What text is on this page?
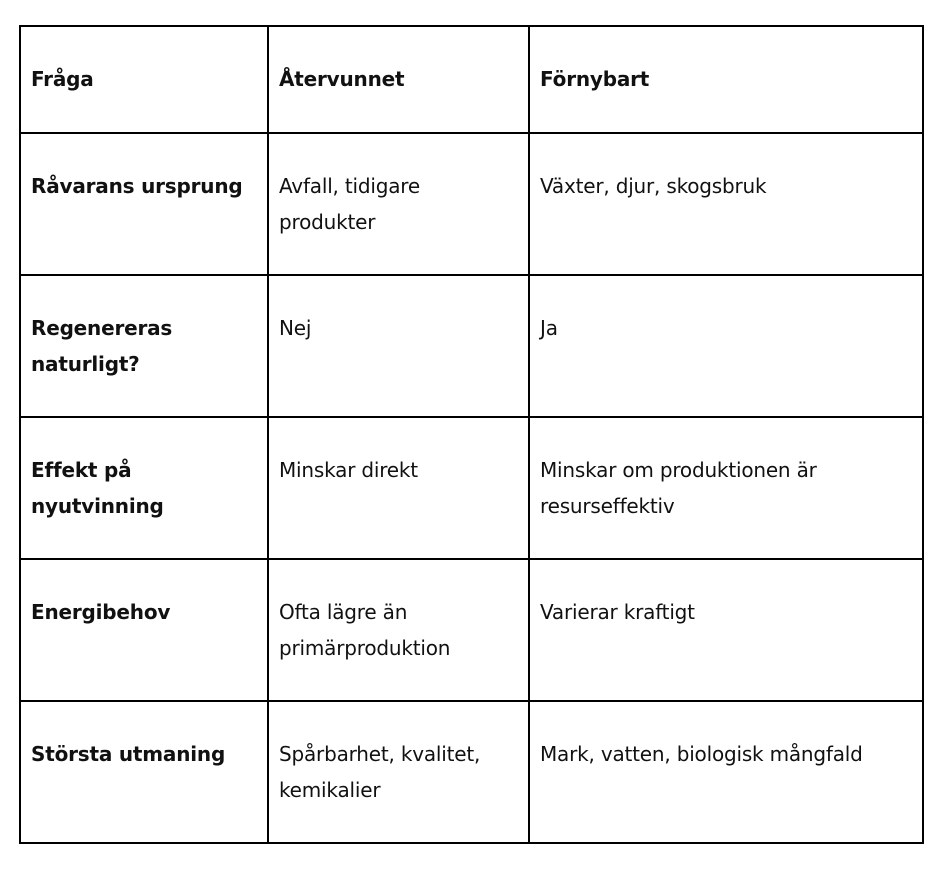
Fråga	Återvunnet	Förnybart
Råvarans ursprung	Avfall, tidigare produkter	Växter, djur, skogsbruk
Regenereras naturligt?	Nej	Ja
Effekt på nyutvinning	Minskar direkt	Minskar om produktionen är resurseffektiv
Energibehov	Ofta lägre än primärproduktion	Varierar kraftigt
Största utmaning	Spårbarhet, kvalitet, kemikalier	Mark, vatten, biologisk mångfald
